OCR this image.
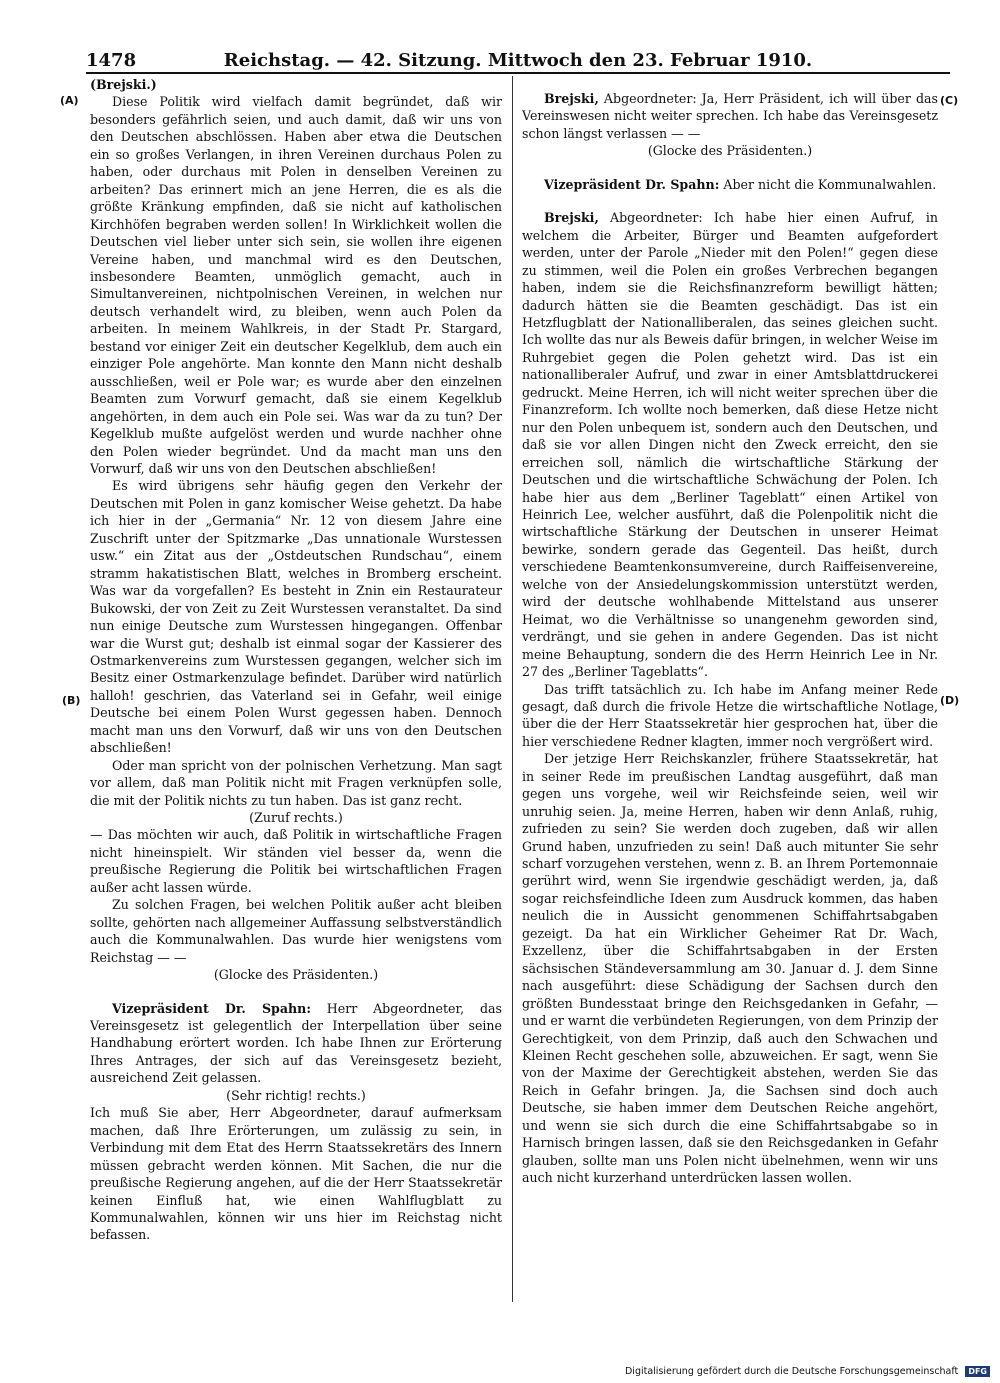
1478	Reichstag. — 42. Sitzung. Mittwoch den 23. Februar 1910.
(A)
(B)
(C)
(D)

(Brejski.)

Diese Politik wird vielfach damit begründet, daß wir besonders gefährlich seien, und auch damit, daß wir uns von den Deutschen abschlössen. Haben aber etwa die Deutschen ein so großes Verlangen, in ihren Vereinen durchaus Polen zu haben, oder durchaus mit Polen in denselben Vereinen zu arbeiten? Das erinnert mich an jene Herren, die es als die größte Kränkung empfinden, daß sie nicht auf katholischen Kirchhöfen begraben werden sollen! In Wirklichkeit wollen die Deutschen viel lieber unter sich sein, sie wollen ihre eigenen Vereine haben, und manchmal wird es den Deutschen, insbesondere Beamten, unmöglich gemacht, auch in Simultanvereinen, nichtpolnischen Vereinen, in welchen nur deutsch verhandelt wird, zu bleiben, wenn auch Polen da arbeiten. In meinem Wahlkreis, in der Stadt Pr. Stargard, bestand vor einiger Zeit ein deutscher Kegelklub, dem auch ein einziger Pole angehörte. Man konnte den Mann nicht deshalb ausschließen, weil er Pole war; es wurde aber den einzelnen Beamten zum Vorwurf gemacht, daß sie einem Kegelklub angehörten, in dem auch ein Pole sei. Was war da zu tun? Der Kegelklub mußte aufgelöst werden und wurde nachher ohne den Polen wieder begründet. Und da macht man uns den Vorwurf, daß wir uns von den Deutschen abschließen!

Es wird übrigens sehr häufig gegen den Verkehr der Deutschen mit Polen in ganz komischer Weise gehetzt. Da habe ich hier in der „Germania“ Nr. 12 von diesem Jahre eine Zuschrift unter der Spitzmarke „Das unnationale Wurstessen usw.“ ein Zitat aus der „Ostdeutschen Rundschau“, einem stramm hakatistischen Blatt, welches in Bromberg erscheint. Was war da vorgefallen? Es besteht in Znin ein Restaurateur Bukowski, der von Zeit zu Zeit Wurstessen veranstaltet. Da sind nun einige Deutsche zum Wurstessen hingegangen. Offenbar war die Wurst gut; deshalb ist einmal sogar der Kassierer des Ostmarkenvereins zum Wurstessen gegangen, welcher sich im Besitz einer Ostmarkenzulage befindet. Darüber wird natürlich halloh! geschrien, das Vaterland sei in Gefahr, weil einige Deutsche bei einem Polen Wurst gegessen haben. Dennoch macht man uns den Vorwurf, daß wir uns von den Deutschen abschließen!

Oder man spricht von der polnischen Verhetzung. Man sagt vor allem, daß man Politik nicht mit Fragen verknüpfen solle, die mit der Politik nichts zu tun haben. Das ist ganz recht.

(Zuruf rechts.)

— Das möchten wir auch, daß Politik in wirtschaftliche Fragen nicht hineinspielt. Wir ständen viel besser da, wenn die preußische Regierung die Politik bei wirtschaftlichen Fragen außer acht lassen würde.

Zu solchen Fragen, bei welchen Politik außer acht bleiben sollte, gehörten nach allgemeiner Auffassung selbstverständlich auch die Kommunalwahlen. Das wurde hier wenigstens vom Reichstag — —

(Glocke des Präsidenten.)

Vizepräsident Dr. Spahn: Herr Abgeordneter, das Vereinsgesetz ist gelegentlich der Interpellation über seine Handhabung erörtert worden. Ich habe Ihnen zur Erörterung Ihres Antrages, der sich auf das Vereinsgesetz bezieht, ausreichend Zeit gelassen.

(Sehr richtig! rechts.)

Ich muß Sie aber, Herr Abgeordneter, darauf aufmerksam machen, daß Ihre Erörterungen, um zulässig zu sein, in Verbindung mit dem Etat des Herrn Staatssekretärs des Innern müssen gebracht werden können. Mit Sachen, die nur die preußische Regierung angehen, auf die der Herr Staatssekretär keinen Einfluß hat, wie einen Wahlflugblatt zu Kommunalwahlen, können wir uns hier im Reichstag nicht befassen.

Brejski, Abgeordneter: Ja, Herr Präsident, ich will über das Vereinswesen nicht weiter sprechen. Ich habe das Vereinsgesetz schon längst verlassen — —

(Glocke des Präsidenten.)

Vizepräsident Dr. Spahn: Aber nicht die Kommunalwahlen.

Brejski, Abgeordneter: Ich habe hier einen Aufruf, in welchem die Arbeiter, Bürger und Beamten aufgefordert werden, unter der Parole „Nieder mit den Polen!“ gegen diese zu stimmen, weil die Polen ein großes Verbrechen begangen haben, indem sie die Reichsfinanzreform bewilligt hätten; dadurch hätten sie die Beamten geschädigt. Das ist ein Hetzflugblatt der Nationalliberalen, das seines gleichen sucht. Ich wollte das nur als Beweis dafür bringen, in welcher Weise im Ruhrgebiet gegen die Polen gehetzt wird. Das ist ein nationalliberaler Aufruf, und zwar in einer Amtsblattdruckerei gedruckt. Meine Herren, ich will nicht weiter sprechen über die Finanzreform. Ich wollte noch bemerken, daß diese Hetze nicht nur den Polen unbequem ist, sondern auch den Deutschen, und daß sie vor allen Dingen nicht den Zweck erreicht, den sie erreichen soll, nämlich die wirtschaftliche Stärkung der Deutschen und die wirtschaftliche Schwächung der Polen. Ich habe hier aus dem „Berliner Tageblatt“ einen Artikel von Heinrich Lee, welcher ausführt, daß die Polenpolitik nicht die wirtschaftliche Stärkung der Deutschen in unserer Heimat bewirke, sondern gerade das Gegenteil. Das heißt, durch verschiedene Beamtenkonsumvereine, durch Raiffeisenvereine, welche von der Ansiedelungskommission unterstützt werden, wird der deutsche wohlhabende Mittelstand aus unserer Heimat, wo die Verhältnisse so unangenehm geworden sind, verdrängt, und sie gehen in andere Gegenden. Das ist nicht meine Behauptung, sondern die des Herrn Heinrich Lee in Nr. 27 des „Berliner Tageblatts“.

Das trifft tatsächlich zu. Ich habe im Anfang meiner Rede gesagt, daß durch die frivole Hetze die wirtschaftliche Notlage, über die der Herr Staatssekretär hier gesprochen hat, über die hier verschiedene Redner klagten, immer noch vergrößert wird.

Der jetzige Herr Reichskanzler, frühere Staatssekretär, hat in seiner Rede im preußischen Landtag ausgeführt, daß man gegen uns vorgehe, weil wir Reichsfeinde seien, weil wir unruhig seien. Ja, meine Herren, haben wir denn Anlaß, ruhig, zufrieden zu sein? Sie werden doch zugeben, daß wir allen Grund haben, unzufrieden zu sein! Daß auch mitunter Sie sehr scharf vorzugehen verstehen, wenn z. B. an Ihrem Portemonnaie gerührt wird, wenn Sie irgendwie geschädigt werden, ja, daß sogar reichsfeindliche Ideen zum Ausdruck kommen, das haben neulich die in Aussicht genommenen Schiffahrtsabgaben gezeigt. Da hat ein Wirklicher Geheimer Rat Dr. Wach, Exzellenz, über die Schiffahrtsabgaben in der Ersten sächsischen Ständeversammlung am 30. Januar d. J. dem Sinne nach ausgeführt: diese Schädigung der Sachsen durch den größten Bundesstaat bringe den Reichsgedanken in Gefahr, — und er warnt die verbündeten Regierungen, von dem Prinzip der Gerechtigkeit, von dem Prinzip, daß auch den Schwachen und Kleinen Recht geschehen solle, abzuweichen. Er sagt, wenn Sie von der Maxime der Gerechtigkeit abstehen, werden Sie das Reich in Gefahr bringen. Ja, die Sachsen sind doch auch Deutsche, sie haben immer dem Deutschen Reiche angehört, und wenn sie sich durch die eine Schiffahrtsabgabe so in Harnisch bringen lassen, daß sie den Reichsgedanken in Gefahr glauben, sollte man uns Polen nicht übelnehmen, wenn wir uns auch nicht kurzerhand unterdrücken lassen wollen.

Digitalisierung gefördert durch die Deutsche Forschungsgemeinschaft DFG
